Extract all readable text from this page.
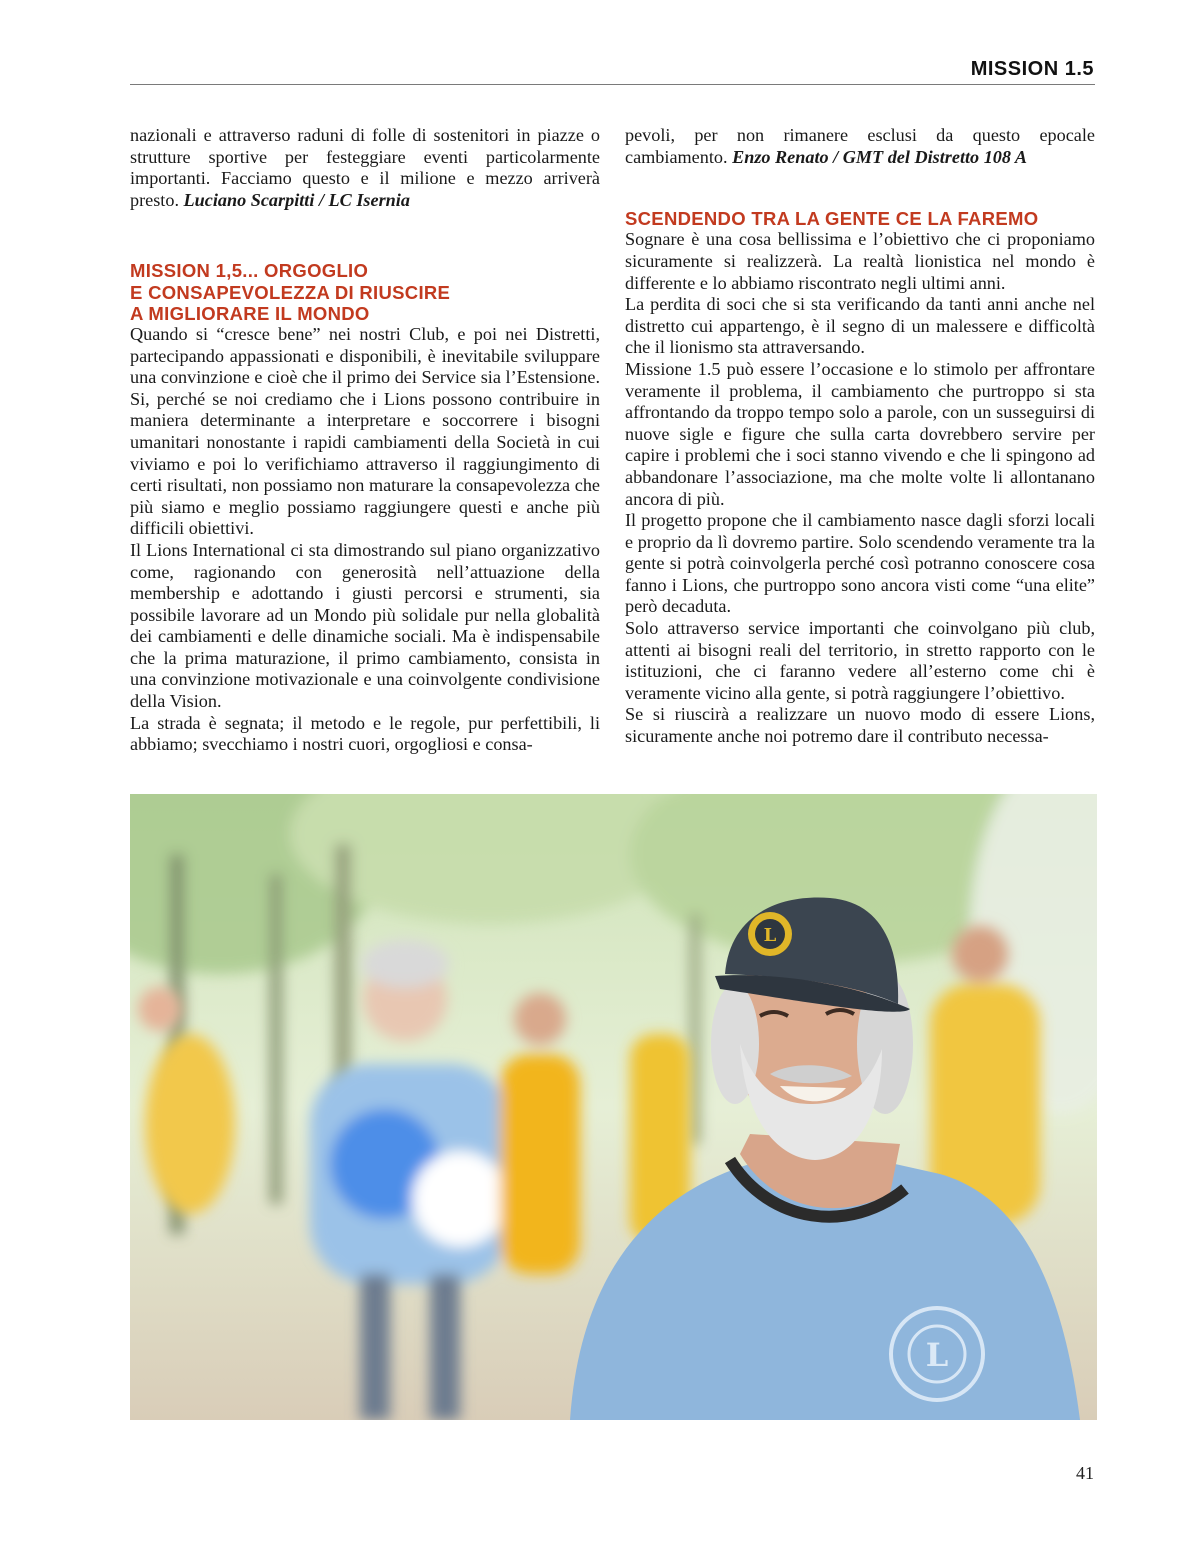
MISSION 1.5

nazionali e attraverso raduni di folle di sostenitori in piazze o strutture sportive per festeggiare eventi particolarmente importanti. Facciamo questo e il milione e mezzo arriverà presto. Luciano Scarpitti / LC Isernia

MISSION 1,5... ORGOGLIO
E CONSAPEVOLEZZA DI RIUSCIRE
A MIGLIORARE IL MONDO

Quando si “cresce bene” nei nostri Club, e poi nei Distretti, partecipando appassionati e disponibili, è inevitabile sviluppare una convinzione e cioè che il primo dei Service sia l’Estensione. Si, perché se noi crediamo che i Lions possono contribuire in maniera determinante a interpretare e soccorrere i bisogni umanitari nonostante i rapidi cambiamenti della Società in cui viviamo e poi lo verifichiamo attraverso il raggiungimento di certi risultati, non possiamo non maturare la consapevolezza che più siamo e meglio possiamo raggiungere questi e anche più difficili obiettivi.

Il Lions International ci sta dimostrando sul piano organizzativo come, ragionando con generosità nell’attuazione della membership e adottando i giusti percorsi e strumenti, sia possibile lavorare ad un Mondo più solidale pur nella globalità dei cambiamenti e delle dinamiche sociali. Ma è indispensabile che la prima maturazione, il primo cambiamento, consista in una convinzione motivazionale e una coinvolgente condivisione della Vision.

La strada è segnata; il metodo e le regole, pur perfettibili, li abbiamo; svecchiamo i nostri cuori, orgogliosi e consa-

pevoli, per non rimanere esclusi da questo epocale cambiamento. Enzo Renato / GMT del Distretto 108 A

SCENDENDO TRA LA GENTE CE LA FAREMO

Sognare è una cosa bellissima e l’obiettivo che ci proponiamo sicuramente si realizzerà. La realtà lionistica nel mondo è differente e lo abbiamo riscontrato negli ultimi anni.

La perdita di soci che si sta verificando da tanti anni anche nel distretto cui appartengo, è il segno di un malessere e difficoltà che il lionismo sta attraversando.

Missione 1.5 può essere l’occasione e lo stimolo per affrontare veramente il problema, il cambiamento che purtroppo si sta affrontando da troppo tempo solo a parole, con un susseguirsi di nuove sigle e figure che sulla carta dovrebbero servire per capire i problemi che i soci stanno vivendo e che li spingono ad abbandonare l’associazione, ma che molte volte li allontanano ancora di più.

Il progetto propone che il cambiamento nasce dagli sforzi locali e proprio da lì dovremo partire. Solo scendendo veramente tra la gente si potrà coinvolgerla perché così potranno conoscere cosa fanno i Lions, che purtroppo sono ancora visti come “una elite” però decaduta.

Solo attraverso service importanti che coinvolgano più club, attenti ai bisogni reali del territorio, in stretto rapporto con le istituzioni, che ci faranno vedere all’esterno come chi è veramente vicino alla gente, si potrà raggiungere l’obiettivo.

Se si riuscirà a realizzare un nuovo modo di essere Lions, sicuramente anche noi potremo dare il contributo necessa-

L
L
41
